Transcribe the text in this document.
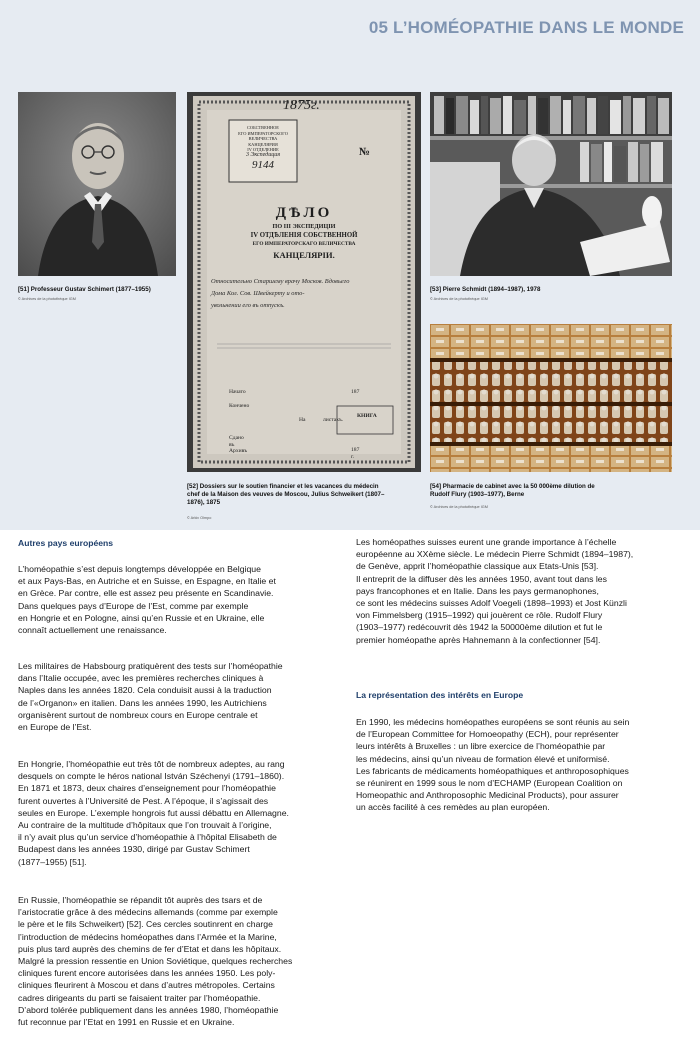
05 L’HOMÉOPATHIE DANS LE MONDE
[51] Professeur Gustav Schimert (1877–1955)
© Archives de la photothèque IGM
1875г.
СОБСТВЕННОЕ
ЕГО ИМПЕРАТОРСКОГО ВЕЛИЧЕСТВА
КАНЦЕЛЯРИЯ
IV ОТДЕЛЕНИЕ
3 Экспедиция
9144
№
ДѢЛО
ПО III ЭКСПЕДИЦІИ
IV ОТДѢЛЕНІЯ СОБСТВЕННОЙ
ЕГО ИМПЕРАТОРСКАГО ВЕЛИЧЕСТВА
КАНЦЕЛЯРІИ.
Относительно Старшему врачу Москов. Вдовьего
Дома Кол. Сов. Швейкерту и ото-
увольнении его въ отпускъ.
Начато
Кончено
На	листахъ.
Сдано въ Архивъ
187
187 г.
КНИГА
[52] Dossiers sur le soutien financier et les vacances du médecin chef de la Maison des veuves de Moscou, Julius Schweikert (1807–1876), 1875
© Arkiv Olmpo
[53] Pierre Schmidt (1894–1987), 1978
© Archives de la photothèque IGM
[54] Pharmacie de cabinet avec la 50 000ème dilution de Rudolf Flury (1903–1977), Berne
© Archives de la photothèque IGM
Autres pays européens
L’homéopathie s’est depuis longtemps développée en Belgique
et aux Pays-Bas, en Autriche et en Suisse, en Espagne, en Italie et
en Grèce. Par contre, elle est assez peu présente en Scandinavie.
Dans quelques pays d’Europe de l’Est, comme par exemple
en Hongrie et en Pologne, ainsi qu’en Russie et en Ukraine, elle
connaît actuellement une renaissance.
Les militaires de Habsbourg pratiquèrent des tests sur l’homéopathie
dans l’Italie occupée, avec les premières recherches cliniques à
Naples dans les années 1820. Cela conduisit aussi à la traduction
de l’«Organon» en italien. Dans les années 1990, les Autrichiens
organisèrent surtout de nombreux cours en Europe centrale et
en Europe de l’Est.
En Hongrie, l’homéopathie eut très tôt de nombreux adeptes, au rang
desquels on compte le héros national István Széchenyi (1791–1860).
En 1871 et 1873, deux chaires d’enseignement pour l’homéopathie
furent ouvertes à l’Université de Pest. A l’époque, il s’agissait des
seules en Europe. L’exemple hongrois fut aussi débattu en Allemagne.
Au contraire de la multitude d’hôpitaux que l’on trouvait à l’origine,
il n’y avait plus qu’un service d’homéopathie à l’hôpital Elisabeth de
Budapest dans les années 1930, dirigé par Gustav Schimert
(1877–1955) [51].
En Russie, l’homéopathie se répandit tôt auprès des tsars et de
l’aristocratie grâce à des médecins allemands (comme par exemple
le père et le fils Schweikert) [52]. Ces cercles soutinrent en charge
l’introduction de médecins homéopathes dans l’Armée et la Marine,
puis plus tard auprès des chemins de fer d’Etat et dans les hôpitaux.
Malgré la pression ressentie en Union Soviétique, quelques recherches
cliniques furent encore autorisées dans les années 1950. Les poly-
cliniques fleurirent à Moscou et dans d’autres métropoles. Certains
cadres dirigeants du parti se faisaient traiter par l’homéopathie.
D’abord tolérée publiquement dans les années 1980, l’homéopathie
fut reconnue par l’Etat en 1991 en Russie et en Ukraine.
Les homéopathes suisses eurent une grande importance à l’échelle
européenne au XXème siècle. Le médecin Pierre Schmidt (1894–1987),
de Genève, apprit l’homéopathie classique aux Etats-Unis [53].
Il entreprit de la diffuser dès les années 1950, avant tout dans les
pays francophones et en Italie. Dans les pays germanophones,
ce sont les médecins suisses Adolf Voegeli (1898–1993) et Jost Künzli
von Fimmelsberg (1915–1992) qui jouèrent ce rôle. Rudolf Flury
(1903–1977) redécouvrit dès 1942 la 50000ème dilution et fut le
premier homéopathe après Hahnemann à la confectionner [54].
La représentation des intérêts en Europe
En 1990, les médecins homéopathes européens se sont réunis au sein
de l’European Committee for Homoeopathy (ECH), pour représenter
leurs intérêts à Bruxelles : un libre exercice de l’homéopathie par
les médecins, ainsi qu’un niveau de formation élevé et uniformisé.
Les fabricants de médicaments homéopathiques et anthroposophiques
se réunirent en 1999 sous le nom d’ECHAMP (European Coalition on
Homeopathic and Anthroposophic Medicinal Products), pour assurer
un accès facilité à ces remèdes au plan européen.
